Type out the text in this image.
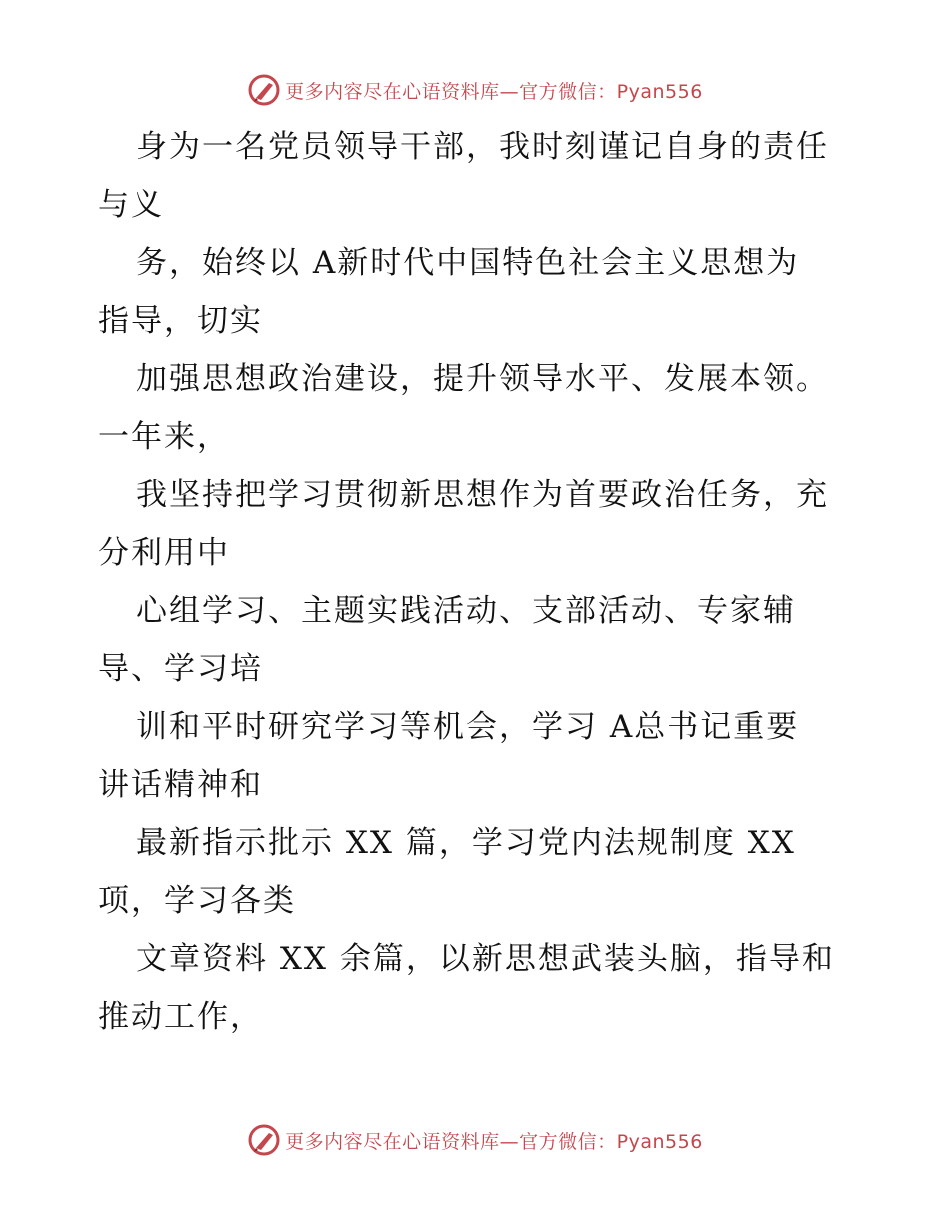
更多内容尽在心语资料库—官方微信：Pyan556

身为一名党员领导干部，我时刻谨记自身的责任
与义

务，始终以 A新时代中国特色社会主义思想为
指导，切实

加强思想政治建设，提升领导水平、发展本领。
一年来，

我坚持把学习贯彻新思想作为首要政治任务，充
分利用中

心组学习、主题实践活动、支部活动、专家辅
导、学习培

训和平时研究学习等机会，学习 A总书记重要
讲话精神和

最新指示批示 XX 篇，学习党内法规制度 XX
项，学习各类

文章资料 XX 余篇，以新思想武装头脑，指导和
推动工作，

更多内容尽在心语资料库—官方微信：Pyan556
